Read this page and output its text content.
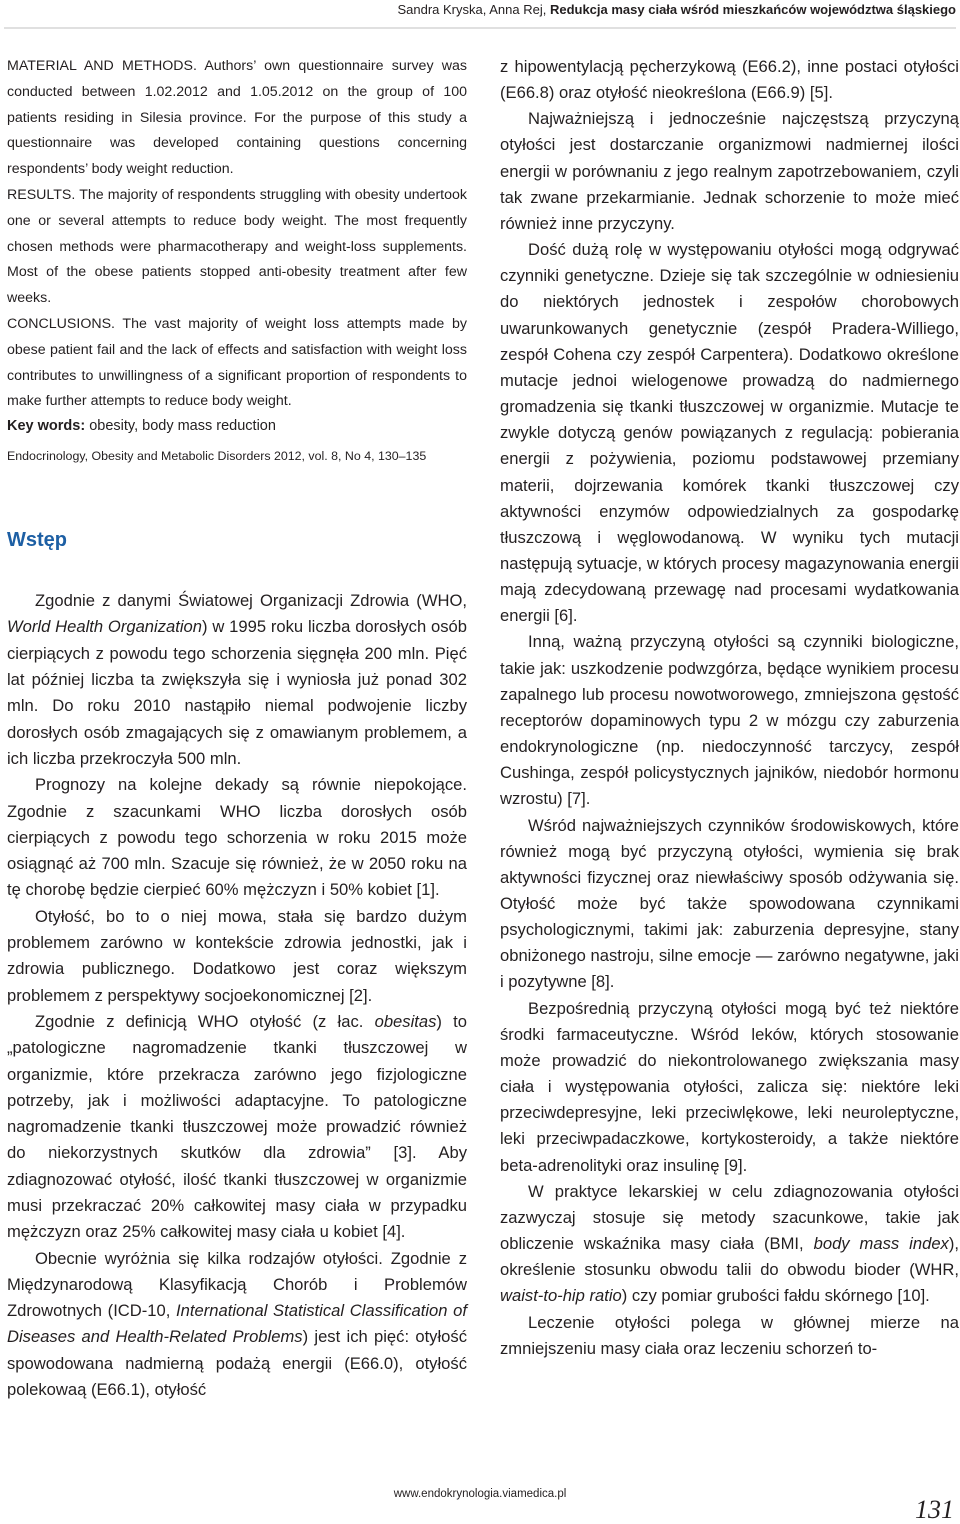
Sandra Kryska, Anna Rej, Redukcja masy ciała wśród mieszkańców województwa śląskiego

MATERIAL AND METHODS. Authors’ own questionnaire survey was conducted between 1.02.2012 and 1.05.2012 on the group of 100 patients residing in Silesia province. For the purpose of this study a questionnaire was developed containing questions concerning respondents’ body weight reduction.

RESULTS. The majority of respondents struggling with obesity undertook one or several attempts to reduce body weight. The most frequently chosen methods were pharmacotherapy and weight-loss supplements. Most of the obese patients stopped anti-obesity treatment after few weeks.

CONCLUSIONS. The vast majority of weight loss attempts made by obese patient fail and the lack of effects and satisfaction with weight loss contributes to unwillingness of a significant proportion of respondents to make further attempts to reduce body weight.

Key words: obesity, body mass reduction

Endocrinology, Obesity and Metabolic Disorders 2012, vol. 8, No 4, 130–135

Wstęp

Zgodnie z danymi Światowej Organizacji Zdrowia (WHO, World Health Organization) w 1995 roku liczba dorosłych osób cierpiących z powodu tego schorzenia sięgnęła 200 mln. Pięć lat później liczba ta zwiększyła się i wyniosła już ponad 302 mln. Do roku 2010 nastąpiło niemal podwojenie liczby dorosłych osób zmagających się z omawianym problemem, a ich liczba przekroczyła 500 mln.

Prognozy na kolejne dekady są równie niepokojące. Zgodnie z szacunkami WHO liczba dorosłych osób cierpiących z powodu tego schorzenia w roku 2015 może osiągnąć aż 700 mln. Szacuje się również, że w 2050 roku na tę chorobę będzie cierpieć 60% mężczyzn i 50% kobiet [1].

Otyłość, bo to o niej mowa, stała się bardzo dużym problemem zarówno w kontekście zdrowia jednostki, jak i zdrowia publicznego. Dodatkowo jest coraz większym problemem z perspektywy socjoekonomicznej [2].

Zgodnie z definicją WHO otyłość (z łac. obesitas) to „patologiczne nagromadzenie tkanki tłuszczowej w organizmie, które przekracza zarówno jego fizjologiczne potrzeby, jak i możliwości adaptacyjne. To patologiczne nagromadzenie tkanki tłuszczowej może prowadzić również do niekorzystnych skutków dla zdrowia” [3]. Aby zdiagnozować otyłość, ilość tkanki tłuszczowej w organizmie musi przekraczać 20% całkowitej masy ciała w przypadku mężczyzn oraz 25% całkowitej masy ciała u kobiet [4].

Obecnie wyróżnia się kilka rodzajów otyłości. Zgodnie z Międzynarodową Klasyfikacją Chorób i Problemów Zdrowotnych (ICD-10, International Statistical Classification of Diseases and Health-Related Problems) jest ich pięć: otyłość spowodowana nadmierną podażą energii (E66.0), otyłość polekowaą (E66.1), otyłość

z hipowentylacją pęcherzykową (E66.2), inne postaci otyłości (E66.8) oraz otyłość nieokreślona (E66.9) [5].

Najważniejszą i jednocześnie najczęstszą przyczyną otyłości jest dostarczanie organizmowi nadmiernej ilości energii w porównaniu z jego realnym zapotrzebowaniem, czyli tak zwane przekarmianie. Jednak schorzenie to może mieć również inne przyczyny.

Dość dużą rolę w występowaniu otyłości mogą odgrywać czynniki genetyczne. Dzieje się tak szczególnie w odniesieniu do niektórych jednostek i zespołów chorobowych uwarunkowanych genetycznie (zespół Pradera-Williego, zespół Cohena czy zespół Carpentera). Dodatkowo określone mutacje jednoi wielogenowe prowadzą do nadmiernego gromadzenia się tkanki tłuszczowej w organizmie. Mutacje te zwykle dotyczą genów powiązanych z regulacją: pobierania energii z pożywienia, poziomu podstawowej przemiany materii, dojrzewania komórek tkanki tłuszczowej czy aktywności enzymów odpowiedzialnych za gospodarkę tłuszczową i węglowodanową. W wyniku tych mutacji następują sytuacje, w których procesy magazynowania energii mają zdecydowaną przewagę nad procesami wydatkowania energii [6].

Inną, ważną przyczyną otyłości są czynniki biologiczne, takie jak: uszkodzenie podwzgórza, będące wynikiem procesu zapalnego lub procesu nowotworowego, zmniejszona gęstość receptorów dopaminowych typu 2 w mózgu czy zaburzenia endokrynologiczne (np. niedoczynność tarczycy, zespół Cushinga, zespół policystycznych jajników, niedobór hormonu wzrostu) [7].

Wśród najważniejszych czynników środowiskowych, które również mogą być przyczyną otyłości, wymienia się brak aktywności fizycznej oraz niewłaściwy sposób odżywania się. Otyłość może być także spowodowana czynnikami psychologicznymi, takimi jak: zaburzenia depresyjne, stany obniżonego nastroju, silne emocje — zarówno negatywne, jaki i pozytywne [8].

Bezpośrednią przyczyną otyłości mogą być też niektóre środki farmaceutyczne. Wśród leków, których stosowanie może prowadzić do niekontrolowanego zwiększania masy ciała i występowania otyłości, zalicza się: niektóre leki przeciwdepresyjne, leki przeciwlękowe, leki neuroleptyczne, leki przeciwpadaczkowe, kortykosteroidy, a także niektóre beta-adrenolityki oraz insulinę [9].

W praktyce lekarskiej w celu zdiagnozowania otyłości zazwyczaj stosuje się metody szacunkowe, takie jak obliczenie wskaźnika masy ciała (BMI, body mass index), określenie stosunku obwodu talii do obwodu bioder (WHR, waist-to-hip ratio) czy pomiar grubości fałdu skórnego [10].

Leczenie otyłości polega w głównej mierze na zmniejszeniu masy ciała oraz leczeniu schorzeń to-

www.endokrynologia.viamedica.pl
131
